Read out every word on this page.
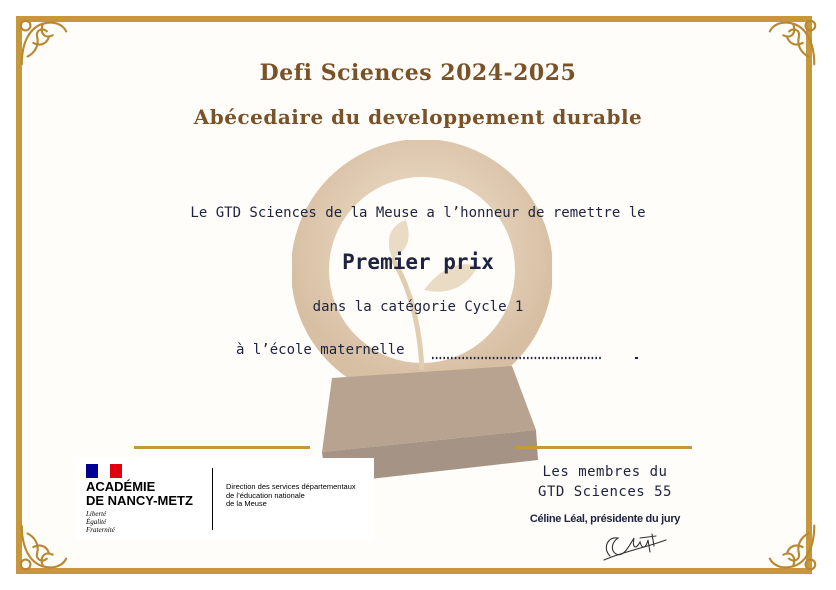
Defi Sciences 2024-2025
Abécedaire du developpement durable
Le GTD Sciences de la Meuse a l’honneur de remettre le
Premier prix
dans la catégorie Cycle 1
à l’école maternelle
ACADÉMIE
DE NANCY-METZ
Liberté
Égalité
Fraternité
Direction des services départementaux
de l’éducation nationale
de la Meuse
Les membres du
GTD Sciences 55
Céline Léal, présidente du jury
